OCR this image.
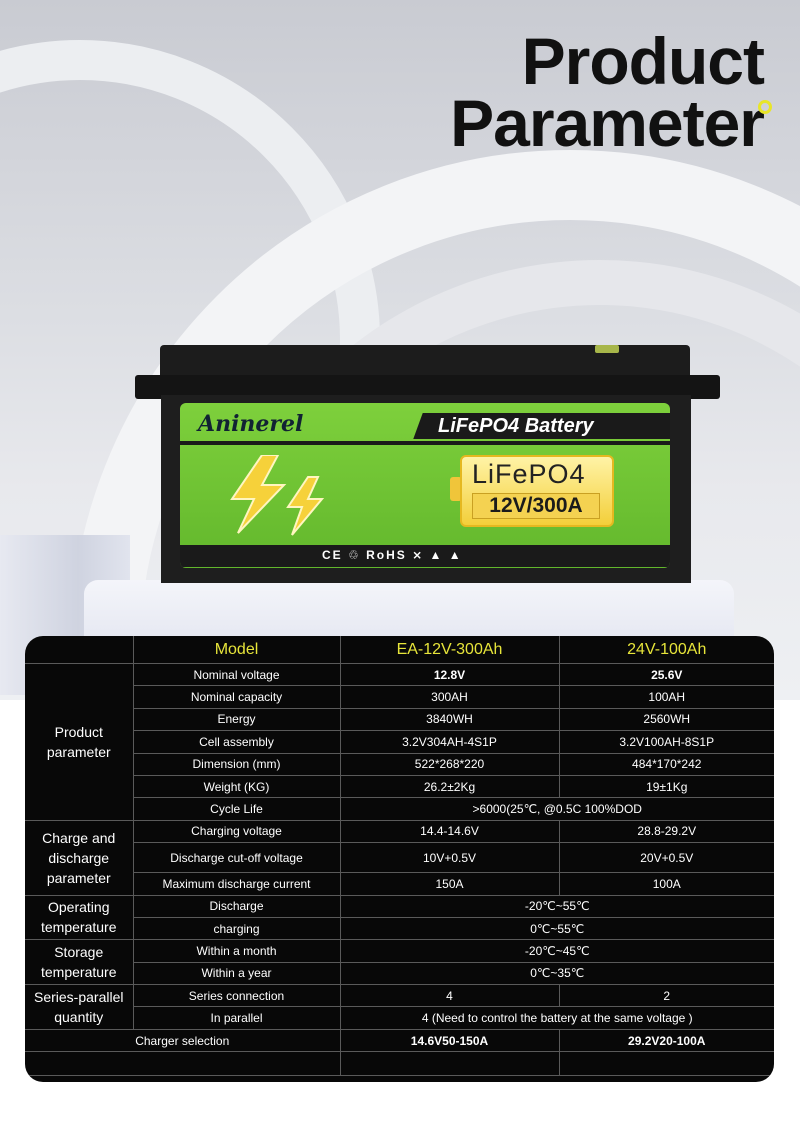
Product
Parameter
Aninerel	LiFePO4 Battery
LiFePO4
12V/300A
CE ♲ RoHS ⨯ ▲ ▲
	Model	EA-12V-300Ah	24V-100Ah
Product parameter	Nominal voltage	12.8V	25.6V
	Nominal capacity	300AH	100AH
	Energy	3840WH	2560WH
	Cell assembly	3.2V304AH-4S1P	3.2V100AH-8S1P
	Dimension (mm)	522*268*220	484*170*242
	Weight (KG)	26.2±2Kg	19±1Kg
	Cycle Life	>6000(25℃, @0.5C 100%DOD	
Charge and discharge parameter	Charging voltage	14.4-14.6V	28.8-29.2V
	Discharge cut-off voltage	10V+0.5V	20V+0.5V
	Maximum discharge current	150A	100A
Operating temperature	Discharge	-20℃~55℃	
	charging	0℃~55℃	
Storage temperature	Within a month	-20℃~45℃	
	Within a year	0℃~35℃	
Series-parallel quantity	Series connection	4	2
	In parallel	4 (Need to control the battery at the same voltage )	
Charger selection		14.6V50-150A	29.2V20-100A
